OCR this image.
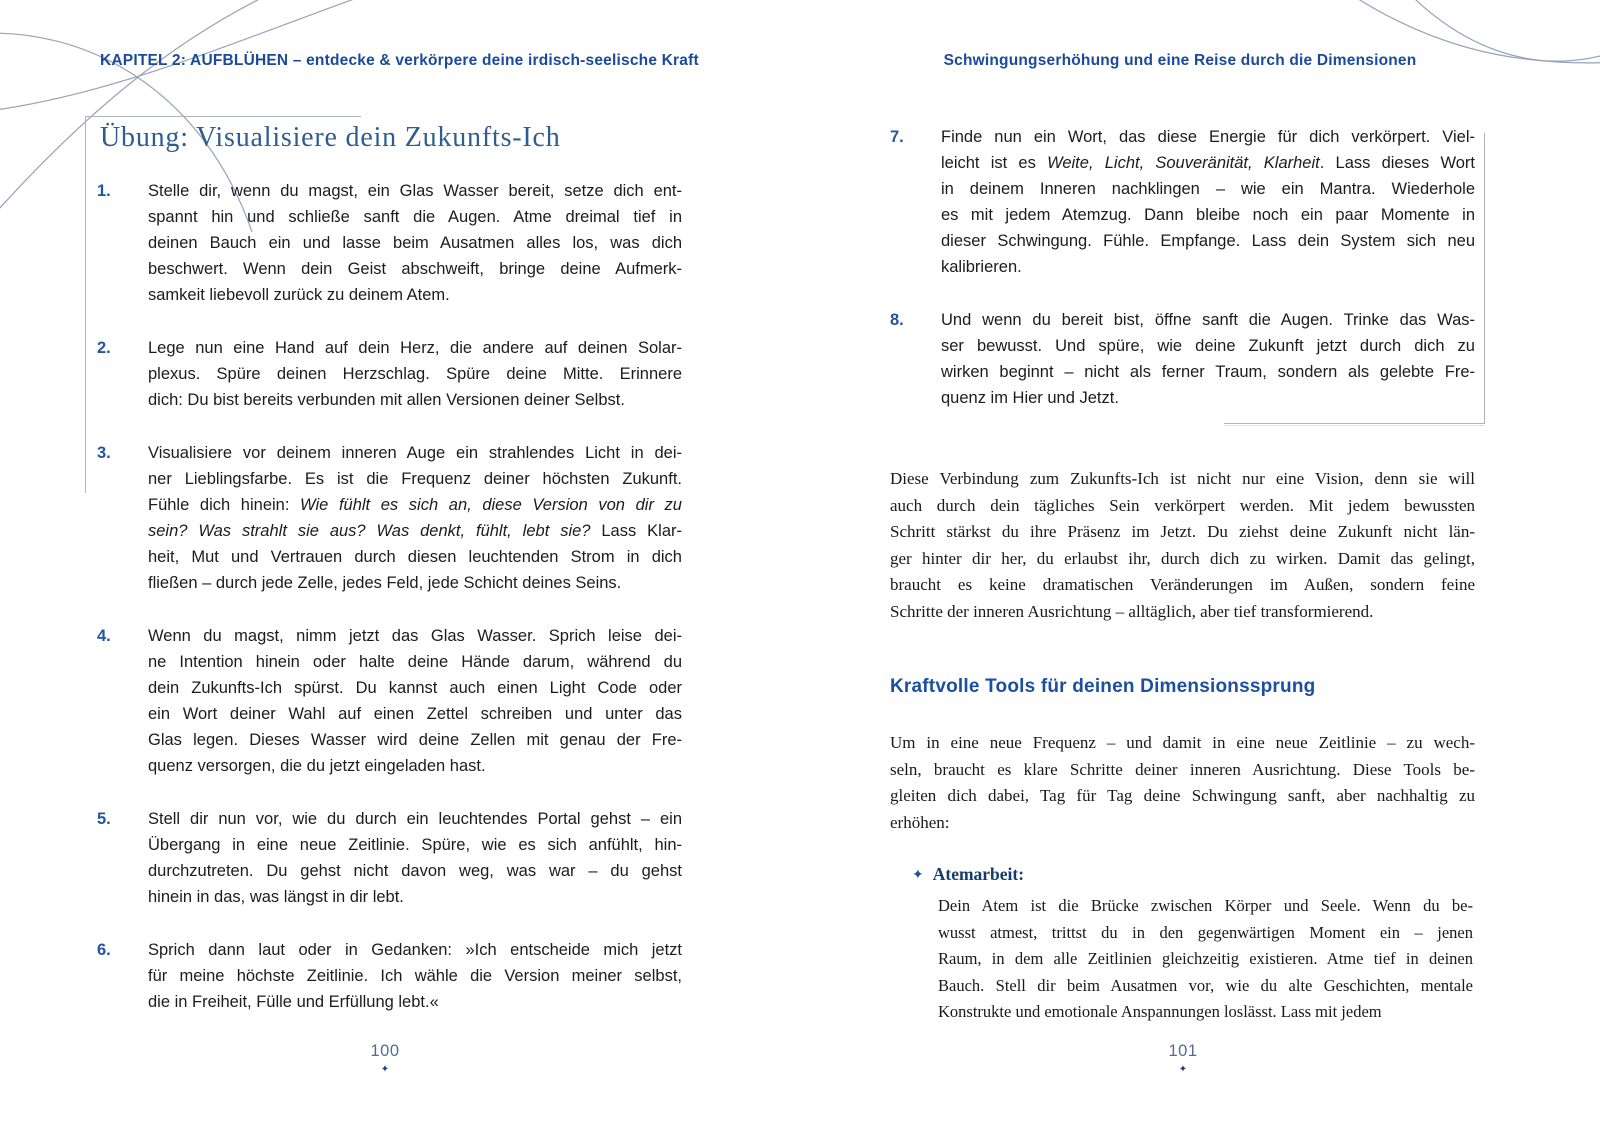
KAPITEL 2: AUFBLÜHEN – entdecke & verkörpere deine irdisch-seelische Kraft	Schwingungserhöhung und eine Reise durch die Dimensionen
Übung: Visualisiere dein Zukunfts-Ich
1.	Stelle dir, wenn du magst, ein Glas Wasser bereit, setze dich ent-
spannt hin und schließe sanft die Augen. Atme dreimal tief in
deinen Bauch ein und lasse beim Ausatmen alles los, was dich
beschwert. Wenn dein Geist abschweift, bringe deine Aufmerk-
samkeit liebevoll zurück zu deinem Atem.
2.	Lege nun eine Hand auf dein Herz, die andere auf deinen Solar-
plexus. Spüre deinen Herzschlag. Spüre deine Mitte. Erinnere
dich: Du bist bereits verbunden mit allen Versionen deiner Selbst.
3.	Visualisiere vor deinem inneren Auge ein strahlendes Licht in dei-
ner Lieblingsfarbe. Es ist die Frequenz deiner höchsten Zukunft.
Fühle dich hinein: Wie fühlt es sich an, diese Version von dir zu
sein? Was strahlt sie aus? Was denkt, fühlt, lebt sie? Lass Klar-
heit, Mut und Vertrauen durch diesen leuchtenden Strom in dich
fließen – durch jede Zelle, jedes Feld, jede Schicht deines Seins.
4.	Wenn du magst, nimm jetzt das Glas Wasser. Sprich leise dei-
ne Intention hinein oder halte deine Hände darum, während du
dein Zukunfts-Ich spürst. Du kannst auch einen Light Code oder
ein Wort deiner Wahl auf einen Zettel schreiben und unter das
Glas legen. Dieses Wasser wird deine Zellen mit genau der Fre-
quenz versorgen, die du jetzt eingeladen hast.
5.	Stell dir nun vor, wie du durch ein leuchtendes Portal gehst – ein
Übergang in eine neue Zeitlinie. Spüre, wie es sich anfühlt, hin-
durchzutreten. Du gehst nicht davon weg, was war – du gehst
hinein in das, was längst in dir lebt.
6.	Sprich dann laut oder in Gedanken: »Ich entscheide mich jetzt
für meine höchste Zeitlinie. Ich wähle die Version meiner selbst,
die in Freiheit, Fülle und Erfüllung lebt.«
7.	Finde nun ein Wort, das diese Energie für dich verkörpert. Viel-
leicht ist es Weite, Licht, Souveränität, Klarheit. Lass dieses Wort
in deinem Inneren nachklingen – wie ein Mantra. Wiederhole
es mit jedem Atemzug. Dann bleibe noch ein paar Momente in
dieser Schwingung. Fühle. Empfange. Lass dein System sich neu
kalibrieren.
8.	Und wenn du bereit bist, öffne sanft die Augen. Trinke das Was-
ser bewusst. Und spüre, wie deine Zukunft jetzt durch dich zu
wirken beginnt – nicht als ferner Traum, sondern als gelebte Fre-
quenz im Hier und Jetzt.
Diese Verbindung zum Zukunfts-Ich ist nicht nur eine Vision, denn sie will
auch durch dein tägliches Sein verkörpert werden. Mit jedem bewussten
Schritt stärkst du ihre Präsenz im Jetzt. Du ziehst deine Zukunft nicht län-
ger hinter dir her, du erlaubst ihr, durch dich zu wirken. Damit das gelingt,
braucht es keine dramatischen Veränderungen im Außen, sondern feine
Schritte der inneren Ausrichtung – alltäglich, aber tief transformierend.
Kraftvolle Tools für deinen Dimensionssprung
Um in eine neue Frequenz – und damit in eine neue Zeitlinie – zu wech-
seln, braucht es klare Schritte deiner inneren Ausrichtung. Diese Tools be-
gleiten dich dabei, Tag für Tag deine Schwingung sanft, aber nachhaltig zu
erhöhen:
✦ Atemarbeit:
Dein Atem ist die Brücke zwischen Körper und Seele. Wenn du be-
wusst atmest, trittst du in den gegenwärtigen Moment ein – jenen
Raum, in dem alle Zeitlinien gleichzeitig existieren. Atme tief in deinen
Bauch. Stell dir beim Ausatmen vor, wie du alte Geschichten, mentale
Konstrukte und emotionale Anspannungen loslässt. Lass mit jedem
100
✦
101
✦
